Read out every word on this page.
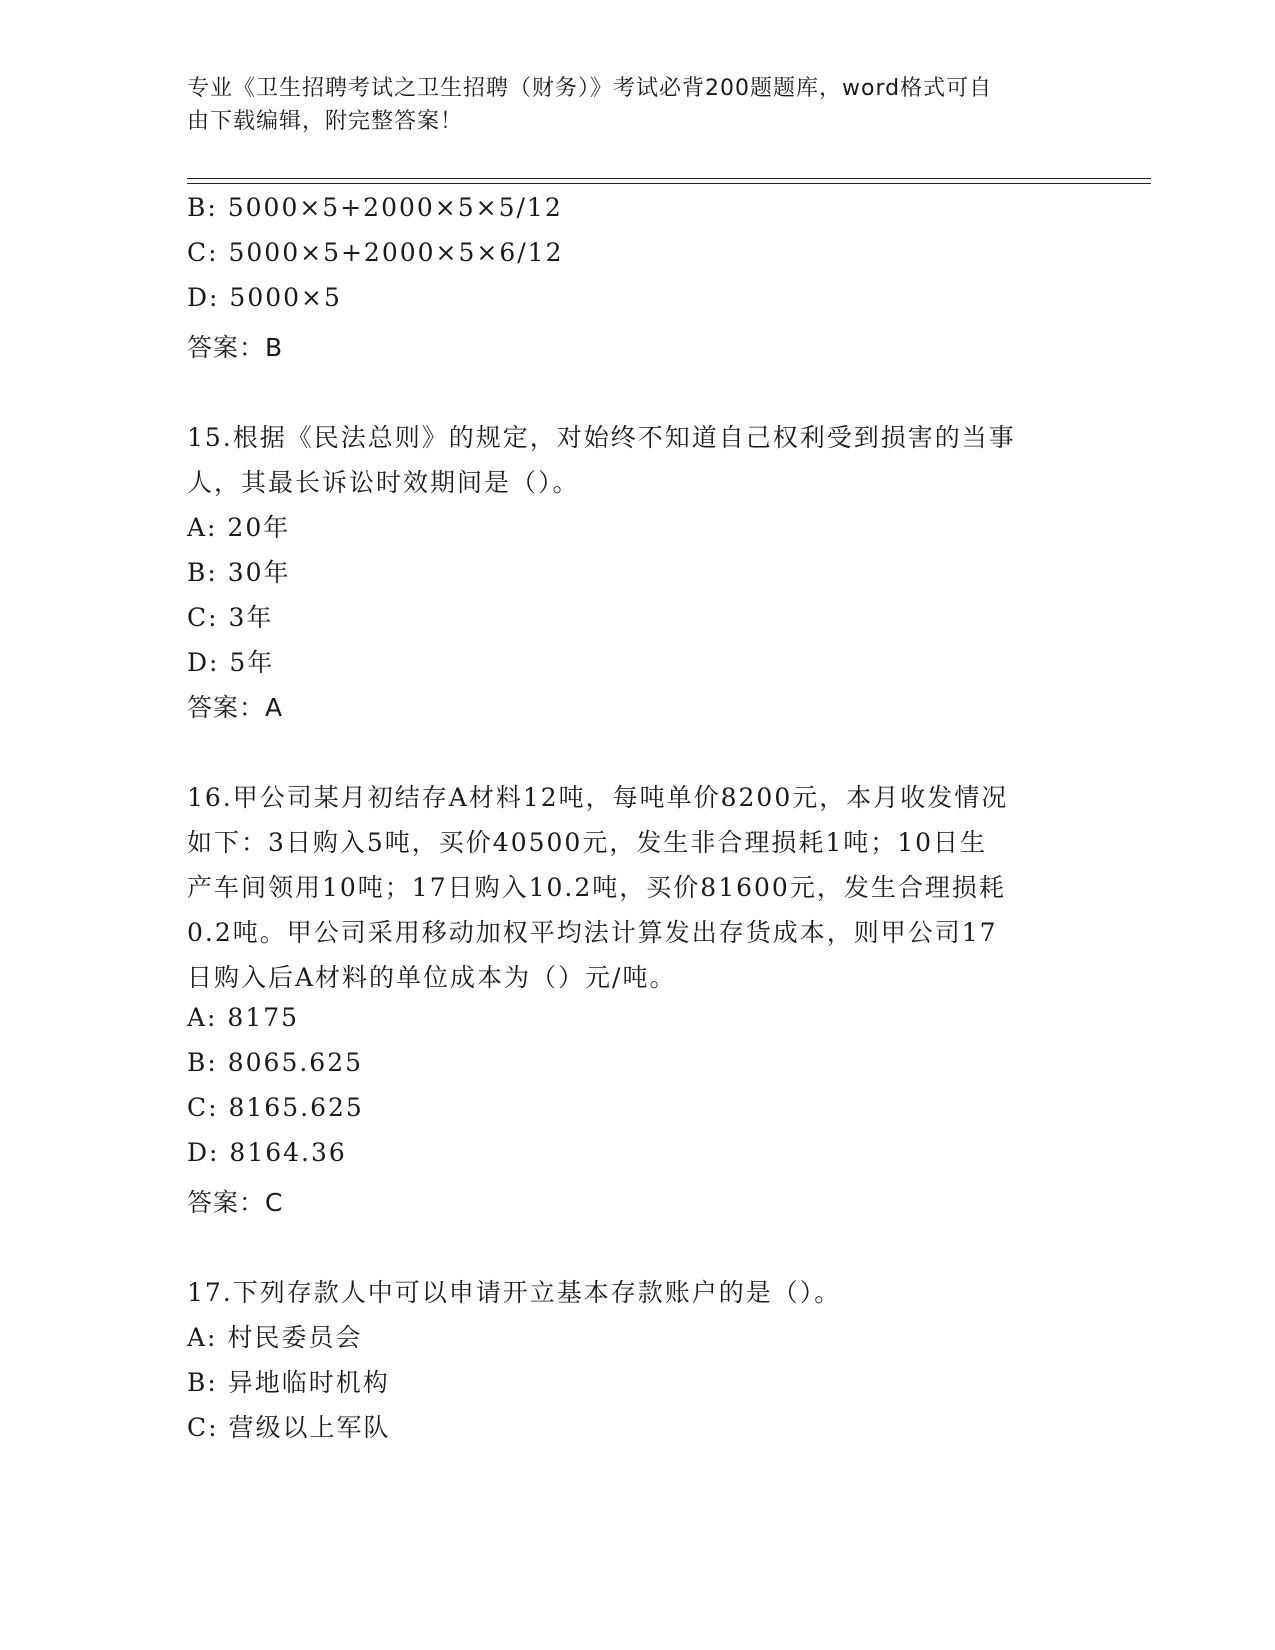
专业《卫生招聘考试之卫生招聘（财务）》考试必背200题题库，word格式可自
由下载编辑，附完整答案！
B: 5000×5+2000×5×5/12
C: 5000×5+2000×5×6/12
D: 5000×5
答案：B
15.根据《民法总则》的规定，对始终不知道自己权利受到损害的当事
人，其最长诉讼时效期间是（）。
A: 20年
B: 30年
C: 3年
D: 5年
答案：A
16.甲公司某月初结存A材料12吨，每吨单价8200元，本月收发情况
如下：3日购入5吨，买价40500元，发生非合理损耗1吨；10日生
产车间领用10吨；17日购入10.2吨，买价81600元，发生合理损耗
0.2吨。甲公司采用移动加权平均法计算发出存货成本，则甲公司17
日购入后A材料的单位成本为（）元/吨。
A: 8175
B: 8065.625
C: 8165.625
D: 8164.36
答案：C
17.下列存款人中可以申请开立基本存款账户的是（）。
A: 村民委员会
B: 异地临时机构
C: 营级以上军队
